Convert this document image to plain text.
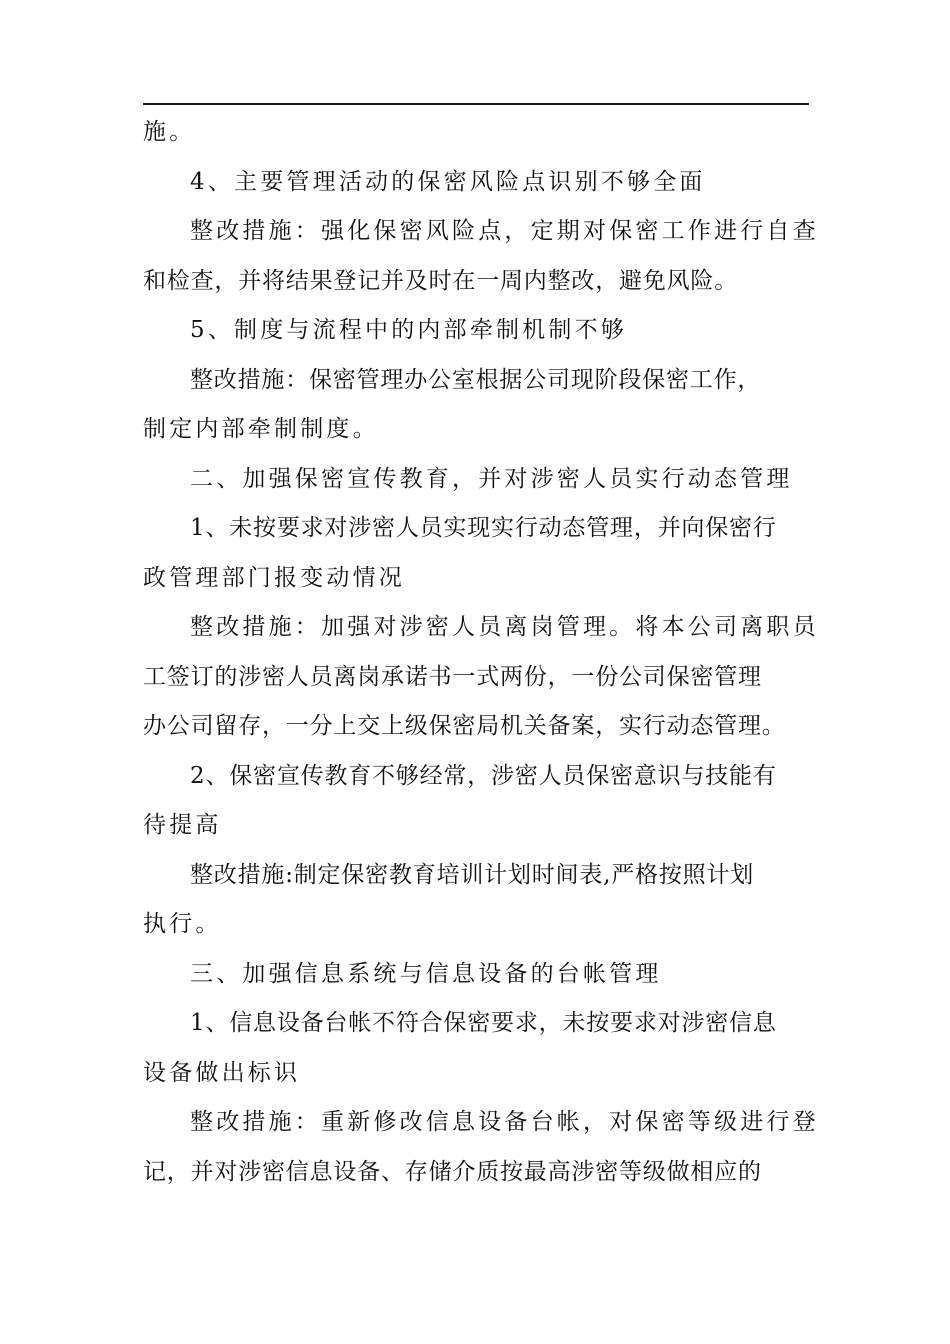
施。
4、主要管理活动的保密风险点识别不够全面
整改措施：强化保密风险点，定期对保密工作进行自查
和检查，并将结果登记并及时在一周内整改，避免风险。
5、制度与流程中的内部牵制机制不够
整改措施：保密管理办公室根据公司现阶段保密工作，
制定内部牵制制度。
二、加强保密宣传教育，并对涉密人员实行动态管理
1、未按要求对涉密人员实现实行动态管理，并向保密行
政管理部门报变动情况
整改措施：加强对涉密人员离岗管理。将本公司离职员
工签订的涉密人员离岗承诺书一式两份，一份公司保密管理
办公司留存，一分上交上级保密局机关备案，实行动态管理。
2、保密宣传教育不够经常，涉密人员保密意识与技能有
待提高
整改措施:制定保密教育培训计划时间表,严格按照计划
执行。
三、加强信息系统与信息设备的台帐管理
1、信息设备台帐不符合保密要求，未按要求对涉密信息
设备做出标识
整改措施：重新修改信息设备台帐，对保密等级进行登
记，并对涉密信息设备、存储介质按最高涉密等级做相应的
